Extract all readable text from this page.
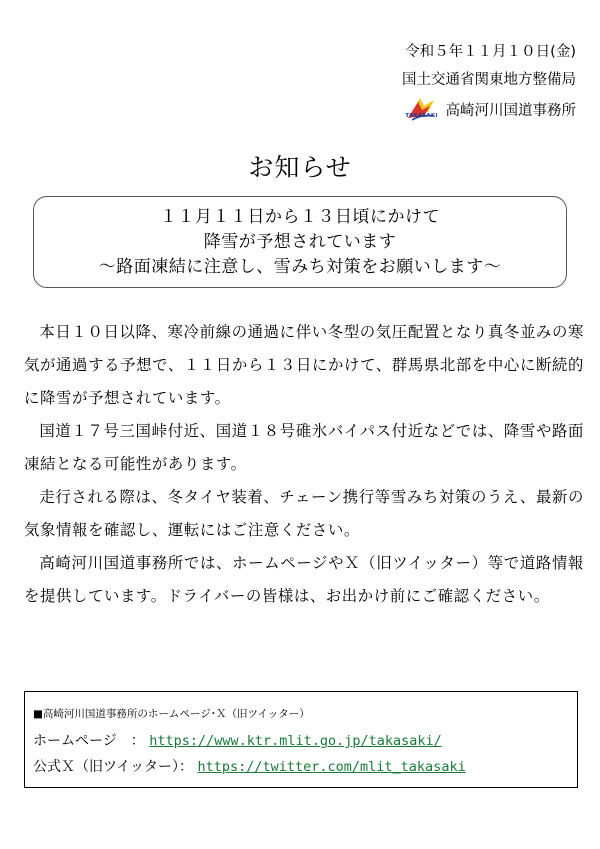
令和５年１１月１０日(金)
国土交通省関東地方整備局
TAKASAKI 高崎河川国道事務所
お知らせ
１１月１１日から１３日頃にかけて
降雪が予想されています
～路面凍結に注意し、雪みち対策をお願いします～

本日１０日以降、寒冷前線の通過に伴い冬型の気圧配置となり真冬並みの寒気が通過する予想で、１１日から１３日にかけて、群馬県北部を中心に断続的に降雪が予想されています。

国道１７号三国峠付近、国道１８号碓氷バイパス付近などでは、降雪や路面凍結となる可能性があります。

走行される際は、冬タイヤ装着、チェーン携行等雪みち対策のうえ、最新の気象情報を確認し、運転にはご注意ください。

高崎河川国道事務所では、ホームページやＸ（旧ツイッター）等で道路情報を提供しています。ドライバーの皆様は、お出かけ前にご確認ください。

■高崎河川国道事務所のホームページ･Ｘ（旧ツイッター）
ホームページ　： https://www.ktr.mlit.go.jp/takasaki/
公式Ｘ（旧ツイッター）： https://twitter.com/mlit_takasaki
